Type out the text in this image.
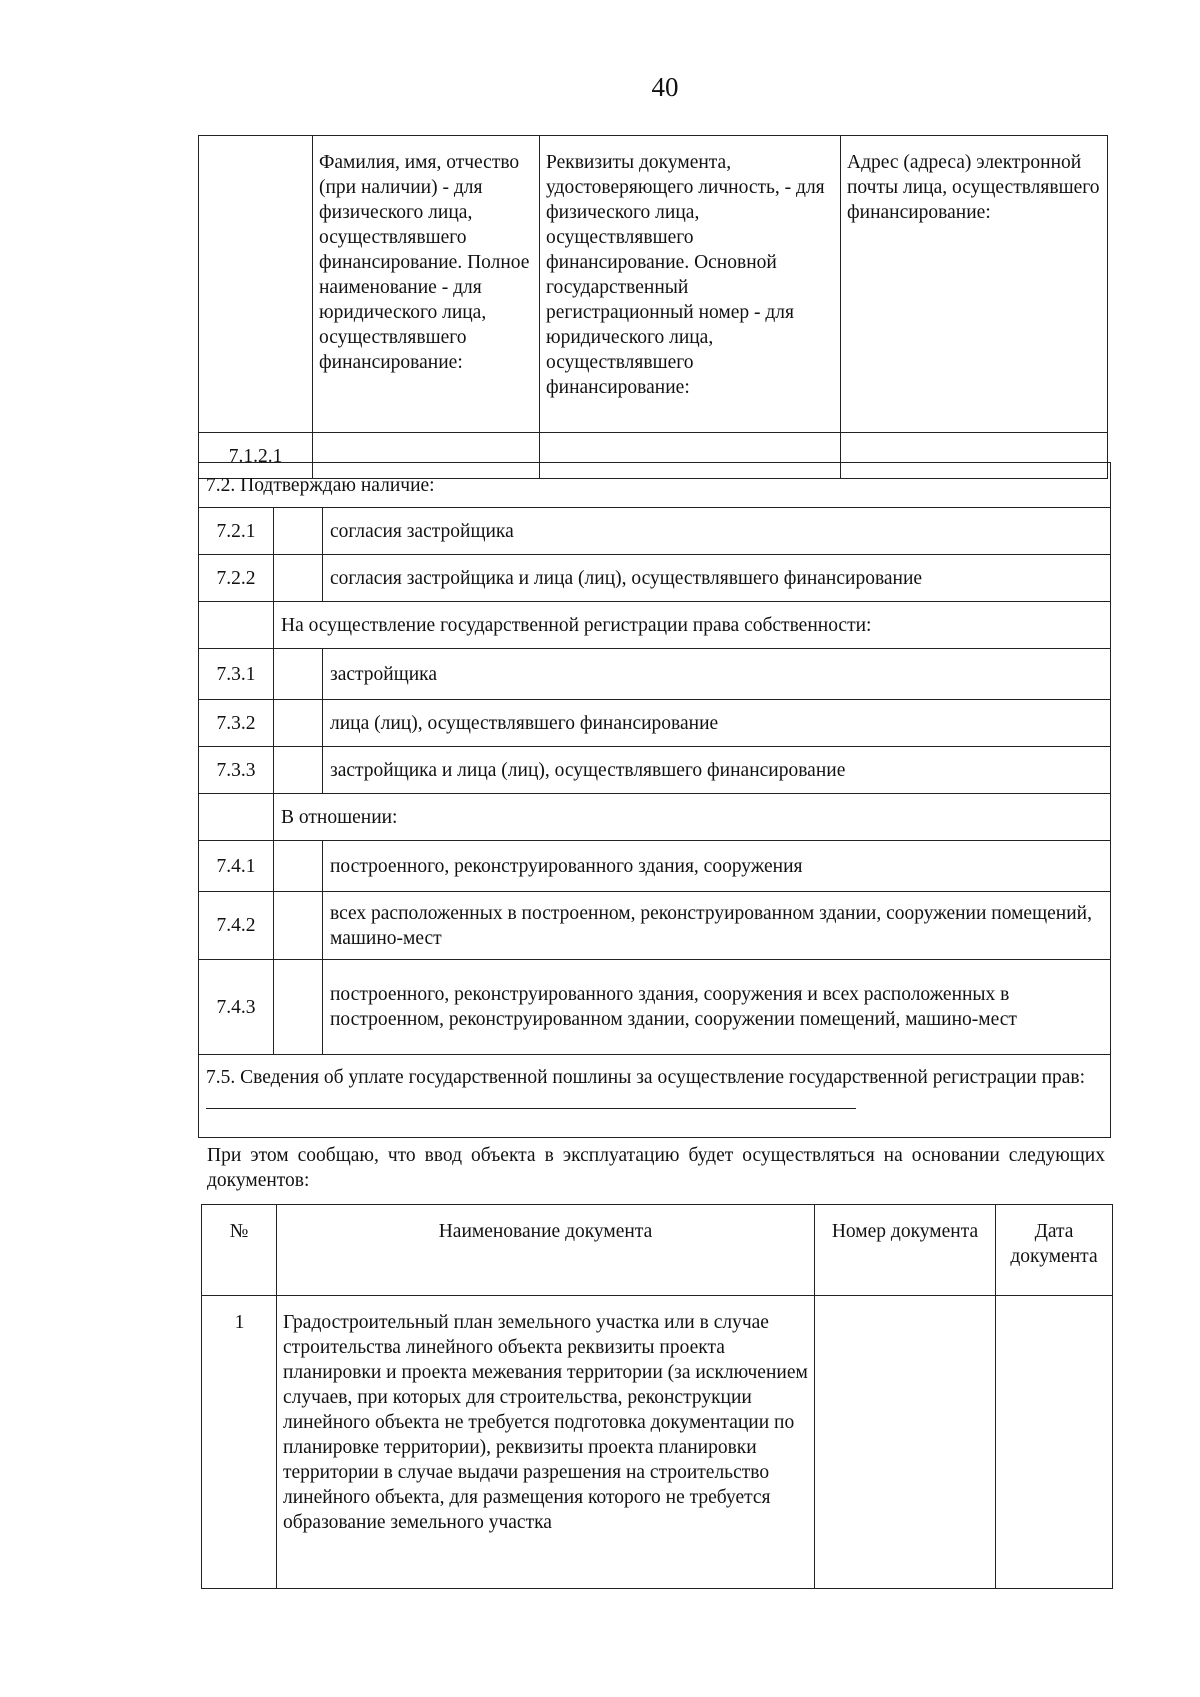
40
	Фамилия, имя, отчество (при наличии) - для физического лица, осуществлявшего финансирование. Полное наименование - для юридического лица, осуществлявшего финансирование:	Реквизиты документа, удостоверяющего личность, - для физического лица, осуществлявшего финансирование. Основной государственный регистрационный номер - для юридического лица, осуществлявшего финансирование:	Адрес (адреса) электронной почты лица, осуществлявшего финансирование:
7.1.2.1			
7.2. Подтверждаю наличие:		
7.2.1		согласия застройщика
7.2.2		согласия застройщика и лица (лиц), осуществлявшего финансирование
	На осуществление государственной регистрации права собственности:	
7.3.1		застройщика
7.3.2		лица (лиц), осуществлявшего финансирование
7.3.3		застройщика и лица (лиц), осуществлявшего финансирование
	В отношении:	
7.4.1		построенного, реконструированного здания, сооружения
7.4.2		всех расположенных в построенном, реконструированном здании, сооружении помещений, машино-мест
7.4.3		построенного, реконструированного здания, сооружения и всех расположенных в построенном, реконструированном здании, сооружении помещений, машино-мест
7.5. Сведения об уплате государственной пошлины за осуществление государственной регистрации прав:		
При этом сообщаю, что ввод объекта в эксплуатацию будет осуществляться на основании следующих документов:
№	Наименование документа	Номер документа	Дата документа
1	Градостроительный план земельного участка или в случае строительства линейного объекта реквизиты проекта планировки и проекта межевания территории (за исключением случаев, при которых для строительства, реконструкции линейного объекта не требуется подготовка документации по планировке территории), реквизиты проекта планировки территории в случае выдачи разрешения на строительство линейного объекта, для размещения которого не требуется образование земельного участка		
